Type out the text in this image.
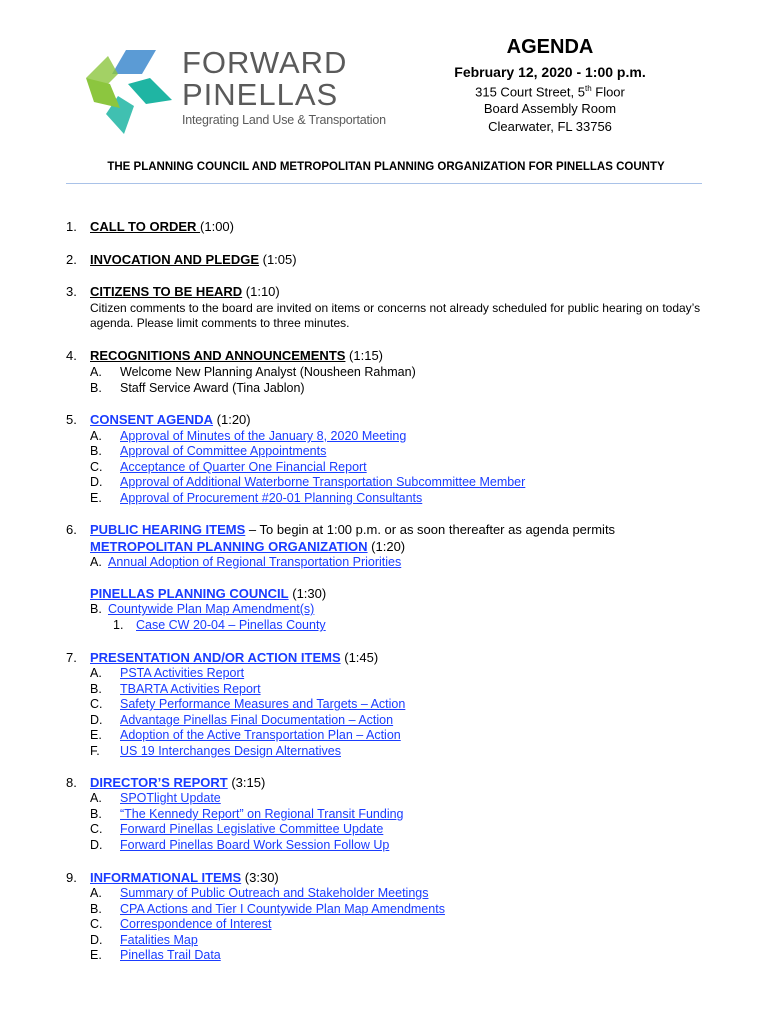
FORWARD
PINELLAS
Integrating Land Use & Transportation
AGENDA
February 12, 2020 - 1:00 p.m.
315 Court Street, 5th Floor
Board Assembly Room
Clearwater, FL 33756
THE PLANNING COUNCIL AND METROPOLITAN PLANNING ORGANIZATION FOR PINELLAS COUNTY
1. CALL TO ORDER (1:00)
2. INVOCATION AND PLEDGE (1:05)
3. CITIZENS TO BE HEARD (1:10)
Citizen comments to the board are invited on items or concerns not already scheduled for public hearing on today’s agenda. Please limit comments to three minutes.
4. RECOGNITIONS AND ANNOUNCEMENTS (1:15)
A. Welcome New Planning Analyst (Nousheen Rahman)
B. Staff Service Award (Tina Jablon)
5. CONSENT AGENDA (1:20)
A. Approval of Minutes of the January 8, 2020 Meeting
B. Approval of Committee Appointments
C. Acceptance of Quarter One Financial Report
D. Approval of Additional Waterborne Transportation Subcommittee Member
E. Approval of Procurement #20-01 Planning Consultants
6. PUBLIC HEARING ITEMS – To begin at 1:00 p.m. or as soon thereafter as agenda permits
METROPOLITAN PLANNING ORGANIZATION (1:20)
A. Annual Adoption of Regional Transportation Priorities
PINELLAS PLANNING COUNCIL (1:30)
B. Countywide Plan Map Amendment(s)
1. Case CW 20-04 – Pinellas County
7. PRESENTATION AND/OR ACTION ITEMS (1:45)
A. PSTA Activities Report
B. TBARTA Activities Report
C. Safety Performance Measures and Targets – Action
D. Advantage Pinellas Final Documentation – Action
E. Adoption of the Active Transportation Plan – Action
F. US 19 Interchanges Design Alternatives
8. DIRECTOR’S REPORT (3:15)
A. SPOTlight Update
B. “The Kennedy Report” on Regional Transit Funding
C. Forward Pinellas Legislative Committee Update
D. Forward Pinellas Board Work Session Follow Up
9. INFORMATIONAL ITEMS (3:30)
A. Summary of Public Outreach and Stakeholder Meetings
B. CPA Actions and Tier I Countywide Plan Map Amendments
C. Correspondence of Interest
D. Fatalities Map
E. Pinellas Trail Data
